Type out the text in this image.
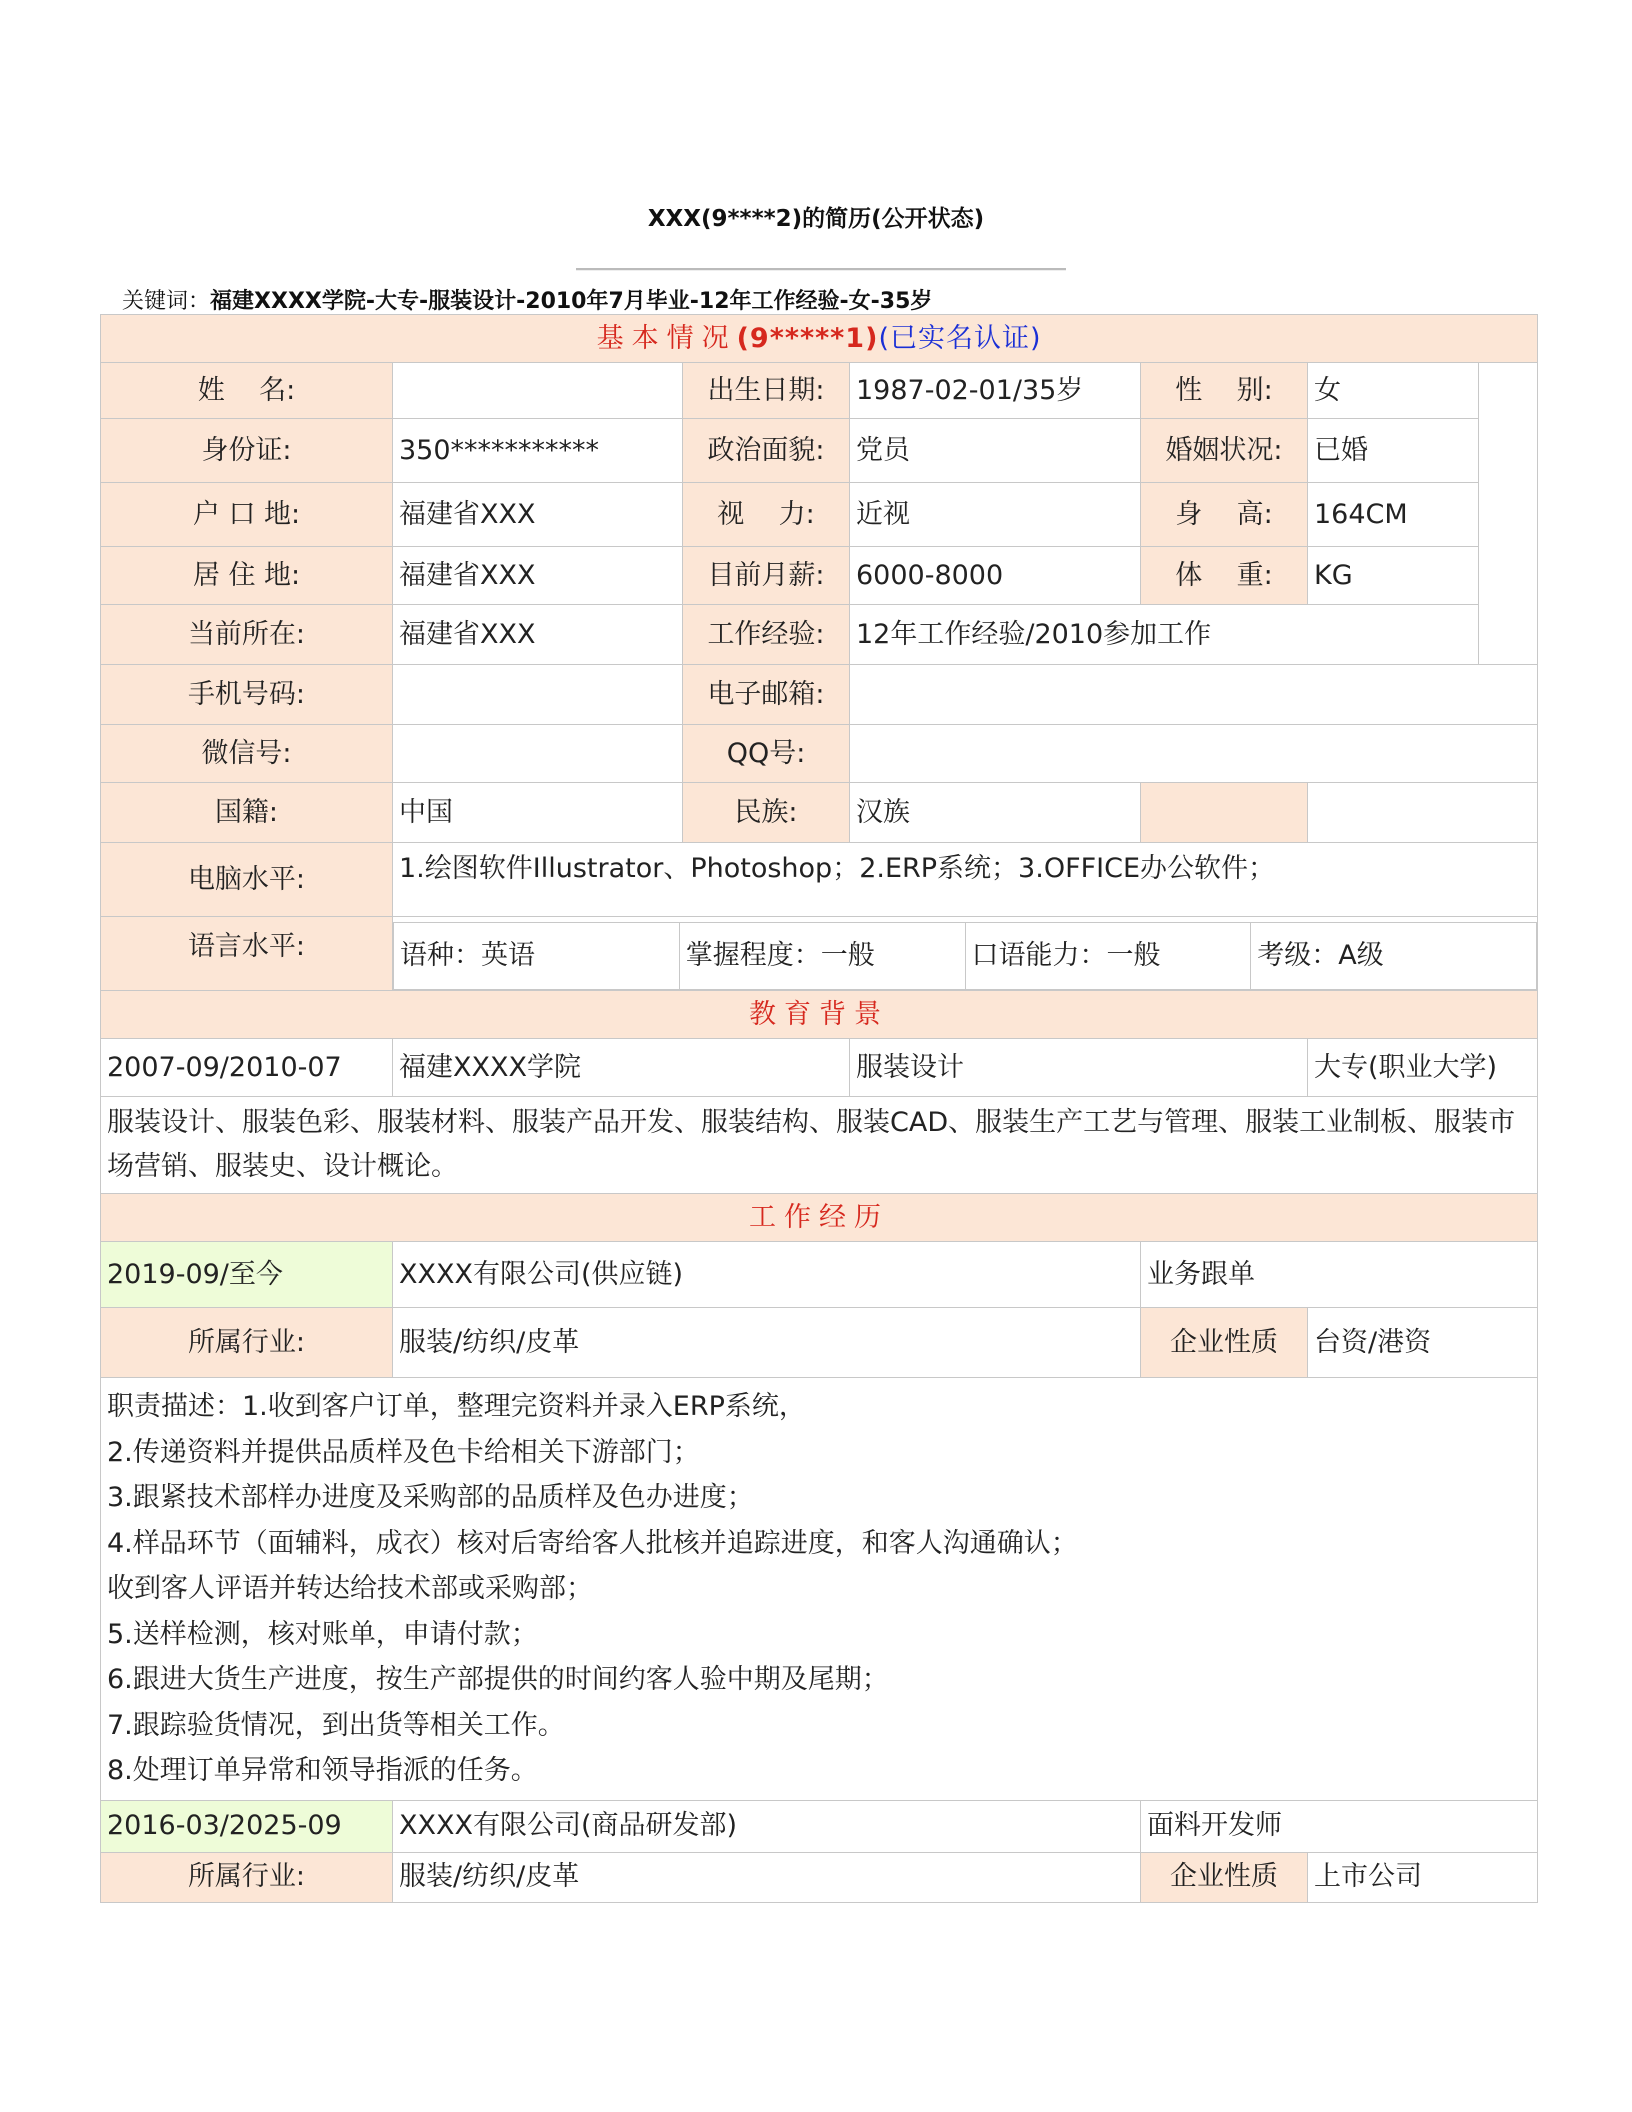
XXX(9****2)的简历(公开状态)
关键词：福建XXXX学院-大专-服装设计-2010年7月毕业-12年工作经验-女-35岁
基本情况(9*****1)(已实名认证)
姓    名:		出生日期:	1987-02-01/35岁	性    别:	女	
身份证:	350***********	政治面貌:	党员	婚姻状况:	已婚
户 口 地:	福建省XXX	视    力:	近视	身    高:	164CM
居 住 地:	福建省XXX	目前月薪:	6000-8000	体    重:	KG
当前所在:	福建省XXX	工作经验:	12年工作经验/2010参加工作
手机号码:		电子邮箱:	
微信号:		QQ号:	
国籍:	中国	民族:	汉族		
电脑水平:	1.绘图软件Illustrator、Photoshop；2.ERP系统；3.OFFICE办公软件；
语言水平:		语种：英语	掌握程度：一般	口语能力：一般	考级：A级

教育背景
2007-09/2010-07	福建XXXX学院	服装设计	大专(职业大学)
服装设计、服装色彩、服装材料、服装产品开发、服装结构、服装CAD、服装生产工艺与管理、服装工业制板、服装市场营销、服装史、设计概论。
工作经历
2019-09/至今	XXXX有限公司(供应链)	业务跟单
所属行业:	服装/纺织/皮革	企业性质	台资/港资

职责描述：1.收到客户订单，整理完资料并录入ERP系统，
2.传递资料并提供品质样及色卡给相关下游部门；
3.跟紧技术部样办进度及采购部的品质样及色办进度；
4.样品环节（面辅料，成衣）核对后寄给客人批核并追踪进度，和客人沟通确认；
收到客人评语并转达给技术部或采购部；
5.送样检测，核对账单，申请付款；
6.跟进大货生产进度，按生产部提供的时间约客人验中期及尾期；
7.跟踪验货情况，到出货等相关工作。
8.处理订单异常和领导指派的任务。

2016-03/2025-09	XXXX有限公司(商品研发部)	面料开发师
所属行业:	服装/纺织/皮革	企业性质	上市公司
